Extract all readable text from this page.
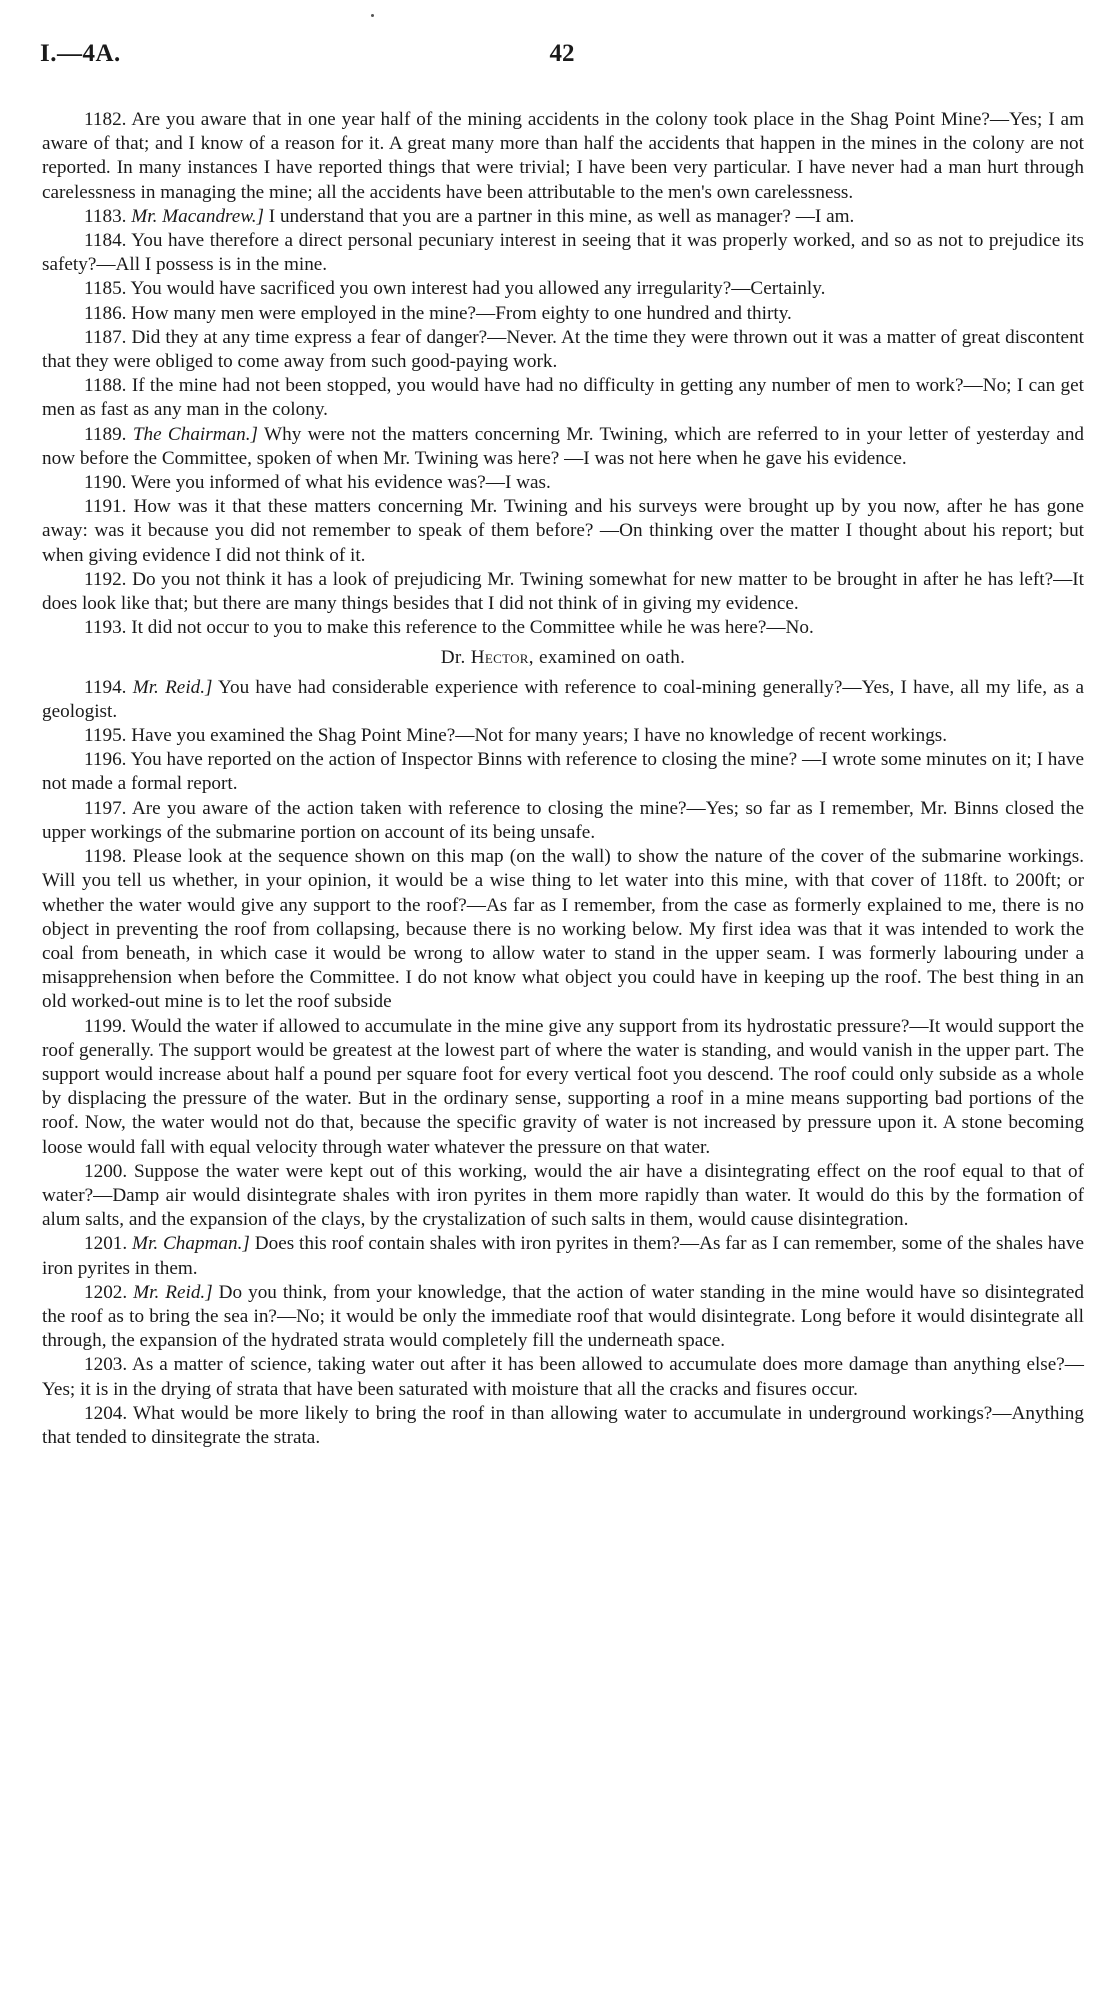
I.—4A.	42

1182. Are you aware that in one year half of the mining accidents in the colony took place in the Shag Point Mine?—Yes; I am aware of that; and I know of a reason for it. A great many more than half the accidents that happen in the mines in the colony are not reported. In many instances I have reported things that were trivial; I have been very particular. I have never had a man hurt through carelessness in managing the mine; all the accidents have been attributable to the men's own carelessness.

1183. Mr. Macandrew.] I understand that you are a partner in this mine, as well as manager? —I am.

1184. You have therefore a direct personal pecuniary interest in seeing that it was properly worked, and so as not to prejudice its safety?—All I possess is in the mine.

1185. You would have sacrificed you own interest had you allowed any irregularity?—Certainly.

1186. How many men were employed in the mine?—From eighty to one hundred and thirty.

1187. Did they at any time express a fear of danger?—Never. At the time they were thrown out it was a matter of great discontent that they were obliged to come away from such good-paying work.

1188. If the mine had not been stopped, you would have had no difficulty in getting any number of men to work?—No; I can get men as fast as any man in the colony.

1189. The Chairman.] Why were not the matters concerning Mr. Twining, which are referred to in your letter of yesterday and now before the Committee, spoken of when Mr. Twining was here? —I was not here when he gave his evidence.

1190. Were you informed of what his evidence was?—I was.

1191. How was it that these matters concerning Mr. Twining and his surveys were brought up by you now, after he has gone away: was it because you did not remember to speak of them before? —On thinking over the matter I thought about his report; but when giving evidence I did not think of it.

1192. Do you not think it has a look of prejudicing Mr. Twining somewhat for new matter to be brought in after he has left?—It does look like that; but there are many things besides that I did not think of in giving my evidence.

1193. It did not occur to you to make this reference to the Committee while he was here?—No.

Dr. Hector, examined on oath.

1194. Mr. Reid.] You have had considerable experience with reference to coal-mining generally?—Yes, I have, all my life, as a geologist.

1195. Have you examined the Shag Point Mine?—Not for many years; I have no knowledge of recent workings.

1196. You have reported on the action of Inspector Binns with reference to closing the mine? —I wrote some minutes on it; I have not made a formal report.

1197. Are you aware of the action taken with reference to closing the mine?—Yes; so far as I remember, Mr. Binns closed the upper workings of the submarine portion on account of its being unsafe.

1198. Please look at the sequence shown on this map (on the wall) to show the nature of the cover of the submarine workings. Will you tell us whether, in your opinion, it would be a wise thing to let water into this mine, with that cover of 118ft. to 200ft; or whether the water would give any support to the roof?—As far as I remember, from the case as formerly explained to me, there is no object in preventing the roof from collapsing, because there is no working below. My first idea was that it was intended to work the coal from beneath, in which case it would be wrong to allow water to stand in the upper seam. I was formerly labouring under a misapprehension when before the Committee. I do not know what object you could have in keeping up the roof. The best thing in an old worked-out mine is to let the roof subside

1199. Would the water if allowed to accumulate in the mine give any support from its hydrostatic pressure?—It would support the roof generally. The support would be greatest at the lowest part of where the water is standing, and would vanish in the upper part. The support would increase about half a pound per square foot for every vertical foot you descend. The roof could only subside as a whole by displacing the pressure of the water. But in the ordinary sense, supporting a roof in a mine means supporting bad portions of the roof. Now, the water would not do that, because the specific gravity of water is not increased by pressure upon it. A stone becoming loose would fall with equal velocity through water whatever the pressure on that water.

1200. Suppose the water were kept out of this working, would the air have a disintegrating effect on the roof equal to that of water?—Damp air would disintegrate shales with iron pyrites in them more rapidly than water. It would do this by the formation of alum salts, and the expansion of the clays, by the crystalization of such salts in them, would cause disintegration.

1201. Mr. Chapman.] Does this roof contain shales with iron pyrites in them?—As far as I can remember, some of the shales have iron pyrites in them.

1202. Mr. Reid.] Do you think, from your knowledge, that the action of water standing in the mine would have so disintegrated the roof as to bring the sea in?—No; it would be only the immediate roof that would disintegrate. Long before it would disintegrate all through, the expansion of the hydrated strata would completely fill the underneath space.

1203. As a matter of science, taking water out after it has been allowed to accumulate does more damage than anything else?—Yes; it is in the drying of strata that have been saturated with moisture that all the cracks and fisures occur.

1204. What would be more likely to bring the roof in than allowing water to accumulate in underground workings?—Anything that tended to dinsitegrate the strata.
